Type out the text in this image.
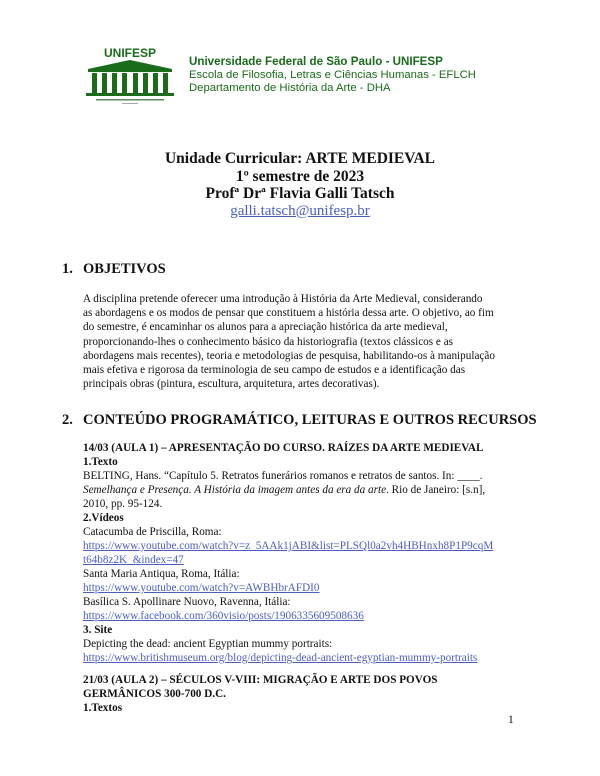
UNIFESP
Universidade Federal de São Paulo - UNIFESP
Escola de Filosofia, Letras e Ciências Humanas - EFLCH
Departamento de História da Arte - DHA
Unidade Curricular: ARTE MEDIEVAL
1º semestre de 2023
Profª Drª Flavia Galli Tatsch
galli.tatsch@unifesp.br
1. OBJETIVOS
A disciplina pretende oferecer uma introdução à História da Arte Medieval, considerando
as abordagens e os modos de pensar que constituem a história dessa arte. O objetivo, ao fim
do semestre, é encaminhar os alunos para a apreciação histórica da arte medieval,
proporcionando-lhes o conhecimento básico da historiografia (textos clássicos e as
abordagens mais recentes), teoria e metodologias de pesquisa, habilitando-os à manipulação
mais efetiva e rigorosa da terminologia de seu campo de estudos e a identificação das
principais obras (pintura, escultura, arquitetura, artes decorativas).
2. CONTEÚDO PROGRAMÁTICO, LEITURAS E OUTROS RECURSOS
14/03 (AULA 1) – APRESENTAÇÃO DO CURSO. RAÍZES DA ARTE MEDIEVAL
1.Texto
BELTING, Hans. “Capítulo 5. Retratos funerários romanos e retratos de santos. In: ____.
Semelhança e Presença. A História da imagem antes da era da arte. Rio de Janeiro: [s.n],
2010, pp. 95-124.
2.Vídeos
Catacumba de Priscilla, Roma:
https://www.youtube.com/watch?v=z_5AAk1jABI&list=PLSQl0a2vh4HBHnxh8P1P9cqM
t64b8z2K_&index=47
Santa Maria Antiqua, Roma, Itália:
https://www.youtube.com/watch?v=AWBHbrAFDI0
Basílica S. Apollinare Nuovo, Ravenna, Itália:
https://www.facebook.com/360visio/posts/1906335609508636
3. Site
Depicting the dead: ancient Egyptian mummy portraits:
https://www.britishmuseum.org/blog/depicting-dead-ancient-egyptian-mummy-portraits
21/03 (AULA 2) – SÉCULOS V-VIII: MIGRAÇÃO E ARTE DOS POVOS
GERMÂNICOS 300-700 D.C.
1.Textos
1
